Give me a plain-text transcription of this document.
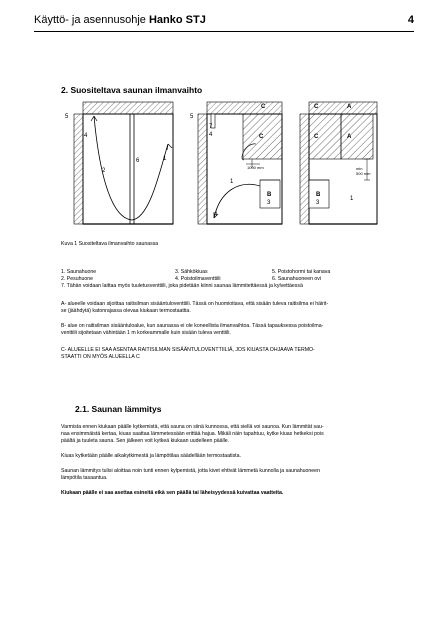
Käyttö- ja asennusohje Hanko STJ	4
2. Suositeltava saunan ilmanvaihto
5
4
2
6	1
5
4
7
C
C
1000 mm
1
B
3
4
C	A
C	A
min
500 mm
B
3
1
Kuva 1 Suositeltava ilmanvaihto saunassa
1. Saunahuone	3. Sähkökiuas	5. Poistohormi tai kanava
2. Pesuhuone	4. Poistoilmaventtiili	6. Saunahuoneen ovi
7. Tähän voidaan laittaa myös tuuletusventtiili, joka pidetään kiinni saunaa lämmitettäessä ja kylvettäessä
A- alueelle voidaan sijoittaa raitisilman sisääntuloventtiili. Tässä on huomioitava, että sisään tuleva raitisilma ei häirit-
se (jäähdytä) katonrajassa olevaa kiukaan termostaattia.
B- alue on raitisilman sisääntuloalue, kun saunassa ei ole koneellista ilmanvaihtoa. Tässä tapauksessa poistoilma-
venttiili sijoitetaan vähintään 1 m korkeammalle kuin sisään tuleva venttiili.
C- ALUEELLE EI SAA ASENTAA RAITISILMAN SISÄÄNTULOVENTTIILIÄ, JOS KIUASTA OHJAAVA TERMO-
STAATTI ON MYÖS ALUEELLA C
2.1. Saunan lämmitys
Varmista ennen kiukaan päälle kytkemistä, että sauna on siinä kunnossa, että siellä voi saunoa. Kun lämmität sau-
naa ensimmäistä kertaa, kiuas saattaa lämmetessään erittää hajua. Mikäli näin tapahtuu, kytke kiuas hetkeksi pois
päältä ja tuuleta sauna. Sen jälkeen voit kytkeä kiukaan uudelleen päälle.
Kiuas kytketään päälle aikakytkimestä ja lämpötilaa säädellään termostaatista.
Saunan lämmitys tulisi aloittaa noin tunti ennen kylpemistä, jotta kivet ehtivät lämmetä kunnolla ja saunahuoneen
lämpötila tasaantua.
Kiukaan päälle ei saa asettaa esineitä eikä sen päällä tai läheisyydessä kuivattaa vaatteita.
